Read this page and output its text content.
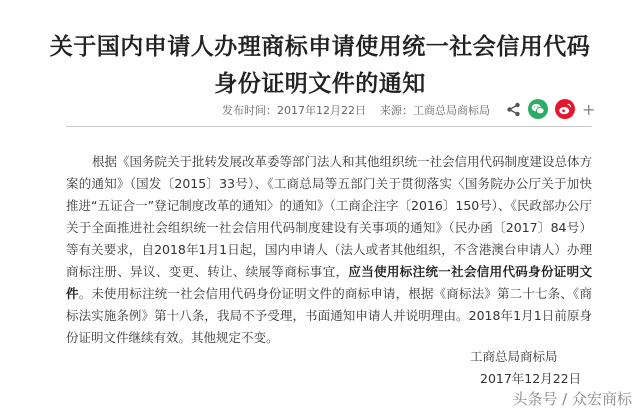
关于国内申请人办理商标申请使用统一社会信用代码身份证明文件的通知
发布时间：2017年12月22日 来源：工商总局商标局	+
根据《国务院关于批转发展改革委等部门法人和其他组织统一社会信用代码制度建设总体方案的通知》（国发〔2015〕33号）、《工商总局等五部门关于贯彻落实〈国务院办公厅关于加快推进“五证合一”登记制度改革的通知〉的通知》（工商企注字〔2016〕150号）、《民政部办公厅关于全面推进社会组织统一社会信用代码制度建设有关事项的通知》（民办函〔2017〕84号）等有关要求，自2018年1月1日起，国内申请人（法人或者其他组织，不含港澳台申请人）办理商标注册、异议、变更、转让、续展等商标事宜，应当使用标注统一社会信用代码身份证明文件。未使用标注统一社会信用代码身份证明文件的商标申请，根据《商标法》第二十七条、《商标法实施条例》第十八条，我局不予受理，书面通知申请人并说明理由。2018年1月1日前原身份证明文件继续有效。其他规定不变。
工商总局商标局
2017年12月22日
头条号 / 众宏商标
